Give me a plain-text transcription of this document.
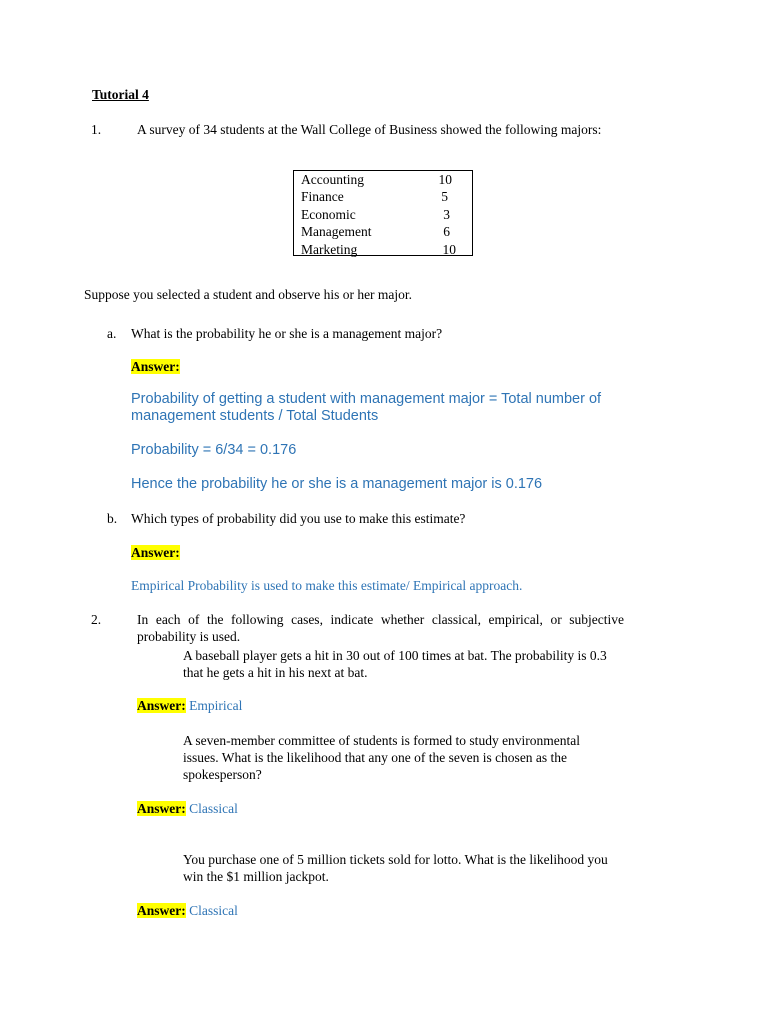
Tutorial 4
1.	A survey of 34 students at the Wall College of Business showed the following majors:
Accounting	10
Finance	5
Economic	3
Management	6
Marketing	10
Suppose you selected a student and observe his or her major.
a. What is the probability he or she is a management major?
Answer:
Probability of getting a student with management major = Total number of
management students / Total Students
Probability = 6/34 = 0.176
Hence the probability he or she is a management major is 0.176
b. Which types of probability did you use to make this estimate?
Answer:
Empirical Probability is used to make this estimate/ Empirical approach.
2.	In each of the following cases, indicate whether classical, empirical, or subjective
probability is used.
A baseball player gets a hit in 30 out of 100 times at bat. The probability is 0.3
that he gets a hit in his next at bat.
Answer: Empirical
A seven-member committee of students is formed to study environmental
issues. What is the likelihood that any one of the seven is chosen as the
spokesperson?
Answer: Classical
You purchase one of 5 million tickets sold for lotto. What is the likelihood you
win the $1 million jackpot.
Answer: Classical
